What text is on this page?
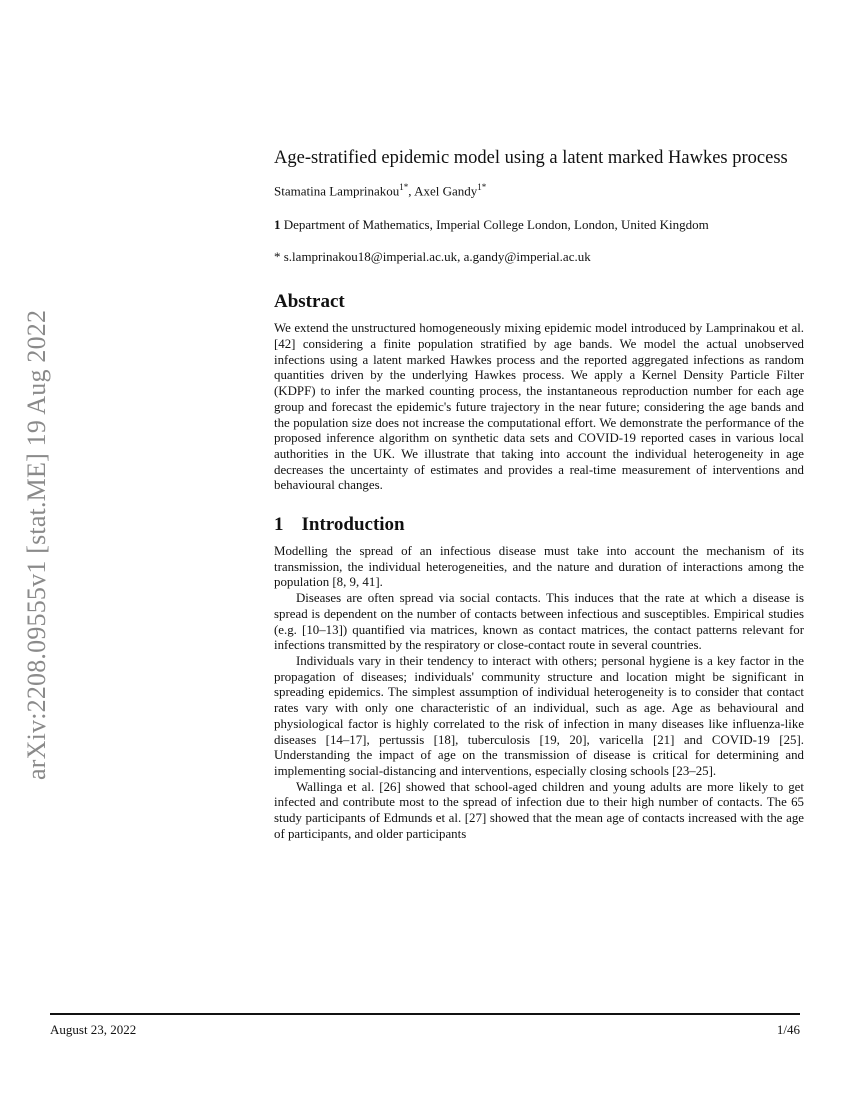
arXiv:2208.09555v1 [stat.ME] 19 Aug 2022
Age-stratified epidemic model using a latent marked Hawkes process
Stamatina Lamprinakou$^{1*}$, Axel Gandy$^{1*}$
1 Department of Mathematics, Imperial College London, London, United Kingdom
* s.lamprinakou18@imperial.ac.uk, a.gandy@imperial.ac.uk
Abstract

We extend the unstructured homogeneously mixing epidemic model introduced by Lamprinakou et al. [42] considering a finite population stratified by age bands. We model the actual unobserved infections using a latent marked Hawkes process and the reported aggregated infections as random quantities driven by the underlying Hawkes process. We apply a Kernel Density Particle Filter (KDPF) to infer the marked counting process, the instantaneous reproduction number for each age group and forecast the epidemic's future trajectory in the near future; considering the age bands and the population size does not increase the computational effort. We demonstrate the performance of the proposed inference algorithm on synthetic data sets and COVID-19 reported cases in various local authorities in the UK. We illustrate that taking into account the individual heterogeneity in age decreases the uncertainty of estimates and provides a real-time measurement of interventions and behavioural changes.

1 Introduction

Modelling the spread of an infectious disease must take into account the mechanism of its transmission, the individual heterogeneities, and the nature and duration of interactions among the population [8, 9, 41].

Diseases are often spread via social contacts. This induces that the rate at which a disease is spread is dependent on the number of contacts between infectious and susceptibles. Empirical studies (e.g. [10–13]) quantified via matrices, known as contact matrices, the contact patterns relevant for infections transmitted by the respiratory or close-contact route in several countries.

Individuals vary in their tendency to interact with others; personal hygiene is a key factor in the propagation of diseases; individuals' community structure and location might be significant in spreading epidemics. The simplest assumption of individual heterogeneity is to consider that contact rates vary with only one characteristic of an individual, such as age. Age as behavioural and physiological factor is highly correlated to the risk of infection in many diseases like influenza-like diseases [14–17], pertussis [18], tuberculosis [19, 20], varicella [21] and COVID-19 [25]. Understanding the impact of age on the transmission of disease is critical for determining and implementing social-distancing and interventions, especially closing schools [23–25].

Wallinga et al. [26] showed that school-aged children and young adults are more likely to get infected and contribute most to the spread of infection due to their high number of contacts. The 65 study participants of Edmunds et al. [27] showed that the mean age of contacts increased with the age of participants, and older participants

August 23, 2022	1/46
